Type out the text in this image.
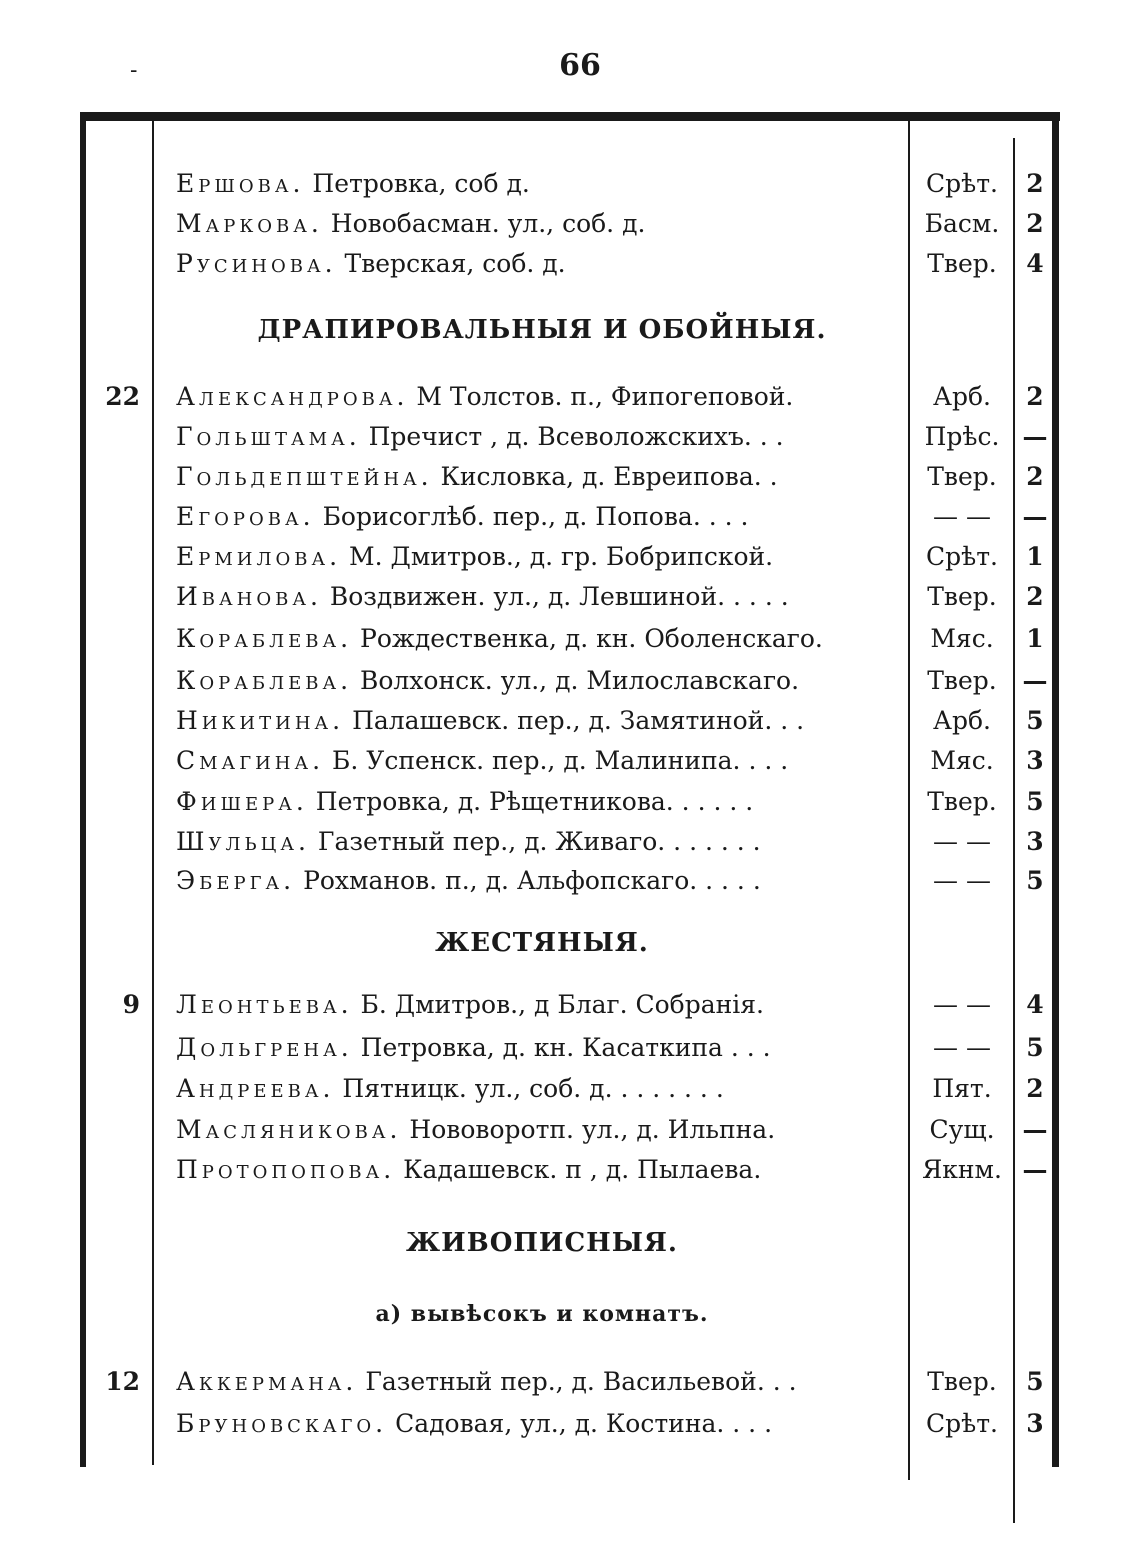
-	66
Ершова. Петровка, соб д.	Срѣт.	2
Маркова. Новобасман. ул., соб. д.	Басм.	2
Русинова. Тверская, соб. д.	Твер.	4
ДРАПИРОВАЛЬНЫЯ И ОБОЙНЫЯ.
22 Александрова. М Толстов. п., Фипогеповой.	Арб.	2
Гольштама. Пречист , д. Всеволожскихъ. . .	Прѣс. —
Гольдепштейна. Кисловка, д. Евреипова. .	Твер.	2
Егорова. Борисоглѣб. пер., д. Попова. . . .	— —	—
Ермилова. М. Дмитров., д. гр. Бобрипской.	Срѣт.	1
Иванова. Воздвижен. ул., д. Левшиной. . . . .	Твер.	2
Кораблева. Рождественка, д. кн. Оболенскаго.	Мяс.	1
Кораблева. Волхонск. ул., д. Милославскаго.	Твер.	—
Никитина. Палашевск. пер., д. Замятиной. . .	Арб.	5
Смагина. Б. Успенск. пер., д. Малинипа. . . .	Мяс.	3
Фишера. Петровка, д. Рѣщетникова. . . . . .	Твер.	5
Шульца. Газетный пер., д. Живаго. . . . . . .	— —	3
Эберга. Рохманов. п., д. Альфопскаго. . . . .	— —	5
ЖЕСТЯНЫЯ.
9 Леонтьева. Б. Дмитров., д Благ. Собранія.	— —	4
Дольгрена. Петровка, д. кн. Касаткипа . . .	— —	5
Андреева. Пятницк. ул., соб. д. . . . . . . .	Пят.	2
Масляникова. Нововоротп. ул., д. Ильпна.	Сущ.	—
Протопопова. Кадашевск. п , д. Пылаева.	Якнм. —
ЖИВОПИСНЫЯ.
а) вывѣсокъ и комнатъ.
12 Аккермана. Газетный пер., д. Васильевой. . .	Твер.	5
Бруновскаго. Садовая, ул., д. Костина. . . .	Срѣт.	3
